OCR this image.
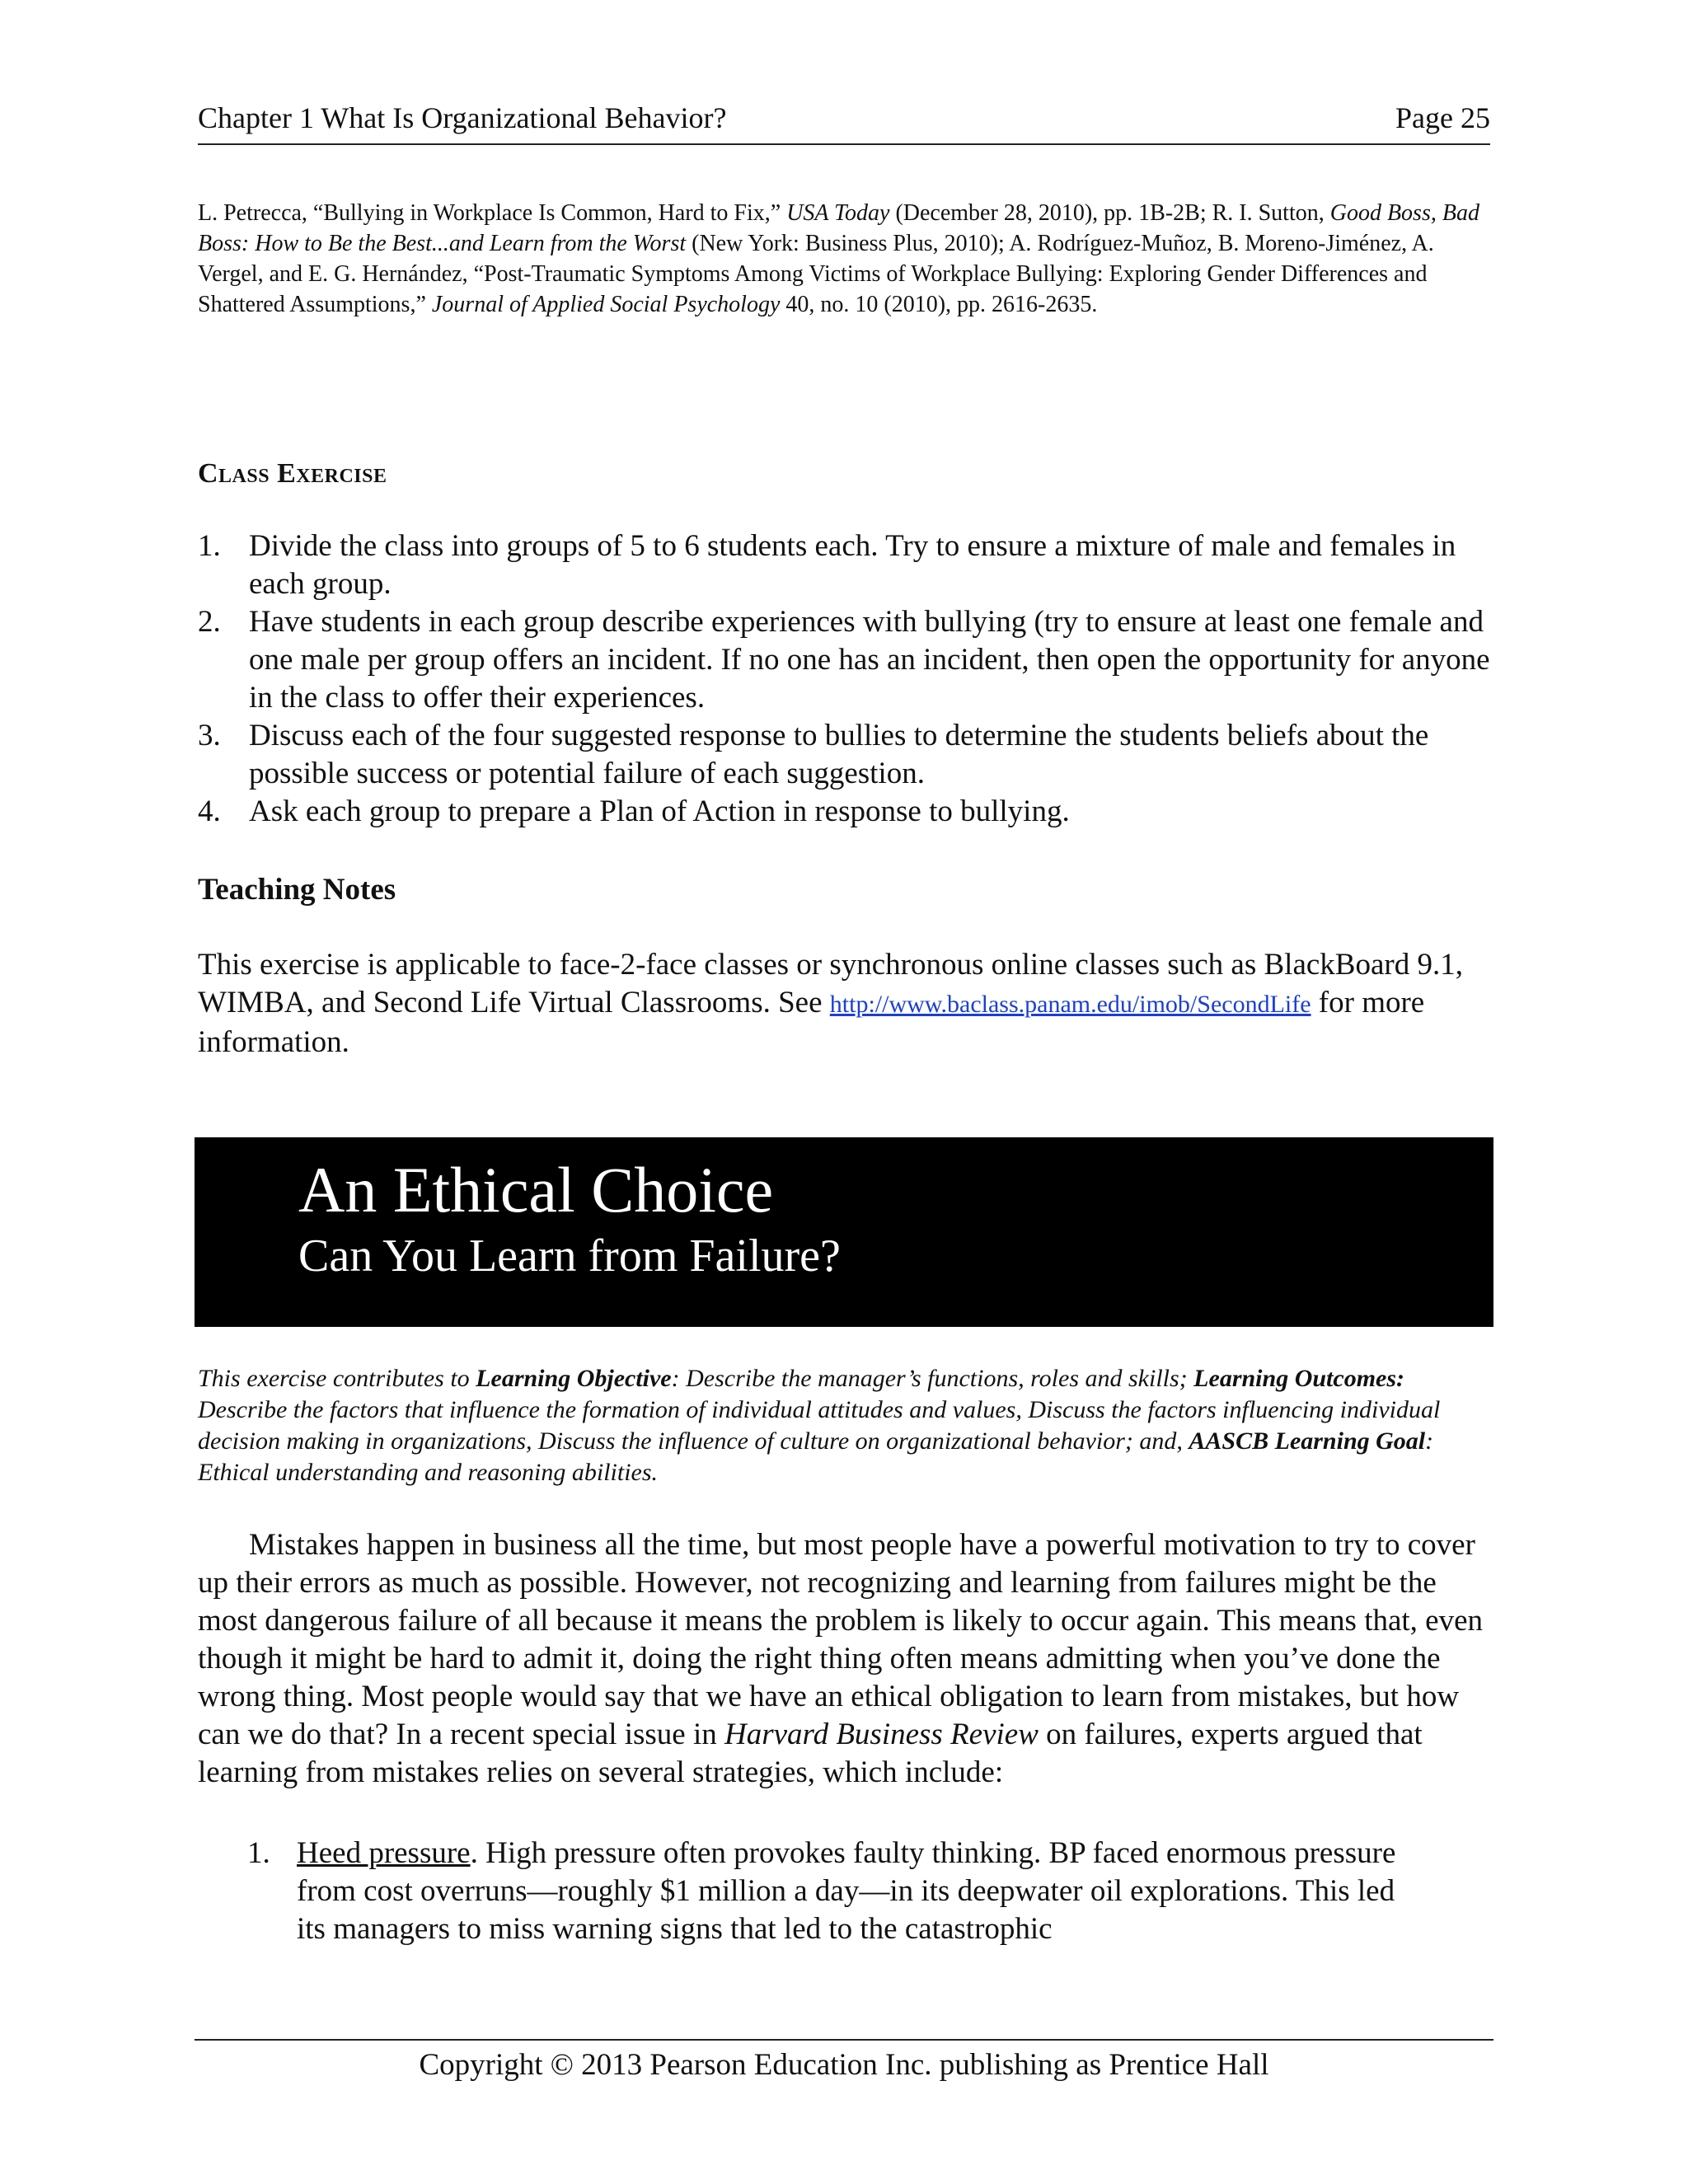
Chapter 1 What Is Organizational Behavior?	Page 25
L. Petrecca, “Bullying in Workplace Is Common, Hard to Fix,” USA Today (December 28, 2010), pp. 1B-2B; R. I. Sutton, Good Boss, Bad Boss: How to Be the Best...and Learn from the Worst (New York: Business Plus, 2010); A. Rodríguez-Muñoz, B. Moreno-Jiménez, A. Vergel, and E. G. Hernández, “Post-Traumatic Symptoms Among Victims of Workplace Bullying: Exploring Gender Differences and Shattered Assumptions,” Journal of Applied Social Psychology 40, no. 10 (2010), pp. 2616-2635.
Class Exercise
1. Divide the class into groups of 5 to 6 students each. Try to ensure a mixture of male and females in each group.
2. Have students in each group describe experiences with bullying (try to ensure at least one female and one male per group offers an incident. If no one has an incident, then open the opportunity for anyone in the class to offer their experiences.
3. Discuss each of the four suggested response to bullies to determine the students beliefs about the possible success or potential failure of each suggestion.
4. Ask each group to prepare a Plan of Action in response to bullying.
Teaching Notes
This exercise is applicable to face-2-face classes or synchronous online classes such as BlackBoard 9.1, WIMBA, and Second Life Virtual Classrooms. See http://www.baclass.panam.edu/imob/SecondLife for more information.
An Ethical Choice
Can You Learn from Failure?
This exercise contributes to Learning Objective: Describe the manager’s functions, roles and skills; Learning Outcomes: Describe the factors that influence the formation of individual attitudes and values, Discuss the factors influencing individual decision making in organizations, Discuss the influence of culture on organizational behavior; and, AASCB Learning Goal: Ethical understanding and reasoning abilities.
Mistakes happen in business all the time, but most people have a powerful motivation to try to cover up their errors as much as possible. However, not recognizing and learning from failures might be the most dangerous failure of all because it means the problem is likely to occur again. This means that, even though it might be hard to admit it, doing the right thing often means admitting when you’ve done the wrong thing. Most people would say that we have an ethical obligation to learn from mistakes, but how can we do that? In a recent special issue in Harvard Business Review on failures, experts argued that learning from mistakes relies on several strategies, which include:
1. Heed pressure. High pressure often provokes faulty thinking. BP faced enormous pressure from cost overruns—roughly $1 million a day—in its deepwater oil explorations. This led its managers to miss warning signs that led to the catastrophic
Copyright © 2013 Pearson Education Inc. publishing as Prentice Hall
